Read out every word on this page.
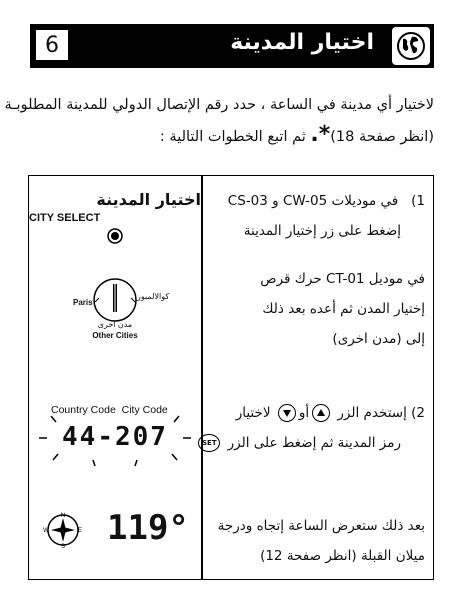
6	اختيار المدينة

لاختيار أي مدينة في الساعة ، حدد رقم الإتصال الدولي للمدينة المطلوبـة

(انظر صفحة 18)*. ثم اتبع الخطوات التالية :

1)   في موديلات CW-05 و CS-03
إضغط على زر إختيار المدينة
في موديل CT-01 حرك قرص
إختيار المدن ثم أعده بعد ذلك
إلى (مدن اخرى)
2) إستخدم الزر
أو
لاختيار
رمز المدينة ثم إضغط على الزر SET
بعد ذلك ستعرض الساعة إتجاه ودرجة
ميلان القبلة (انظر صفحة 12)
اختيار المدينة
CITY SELECT
Paris
كوالالمبور
مدن اخرى
Other Cities
Country Code City Code
44-207
N
E
S
W 119°
